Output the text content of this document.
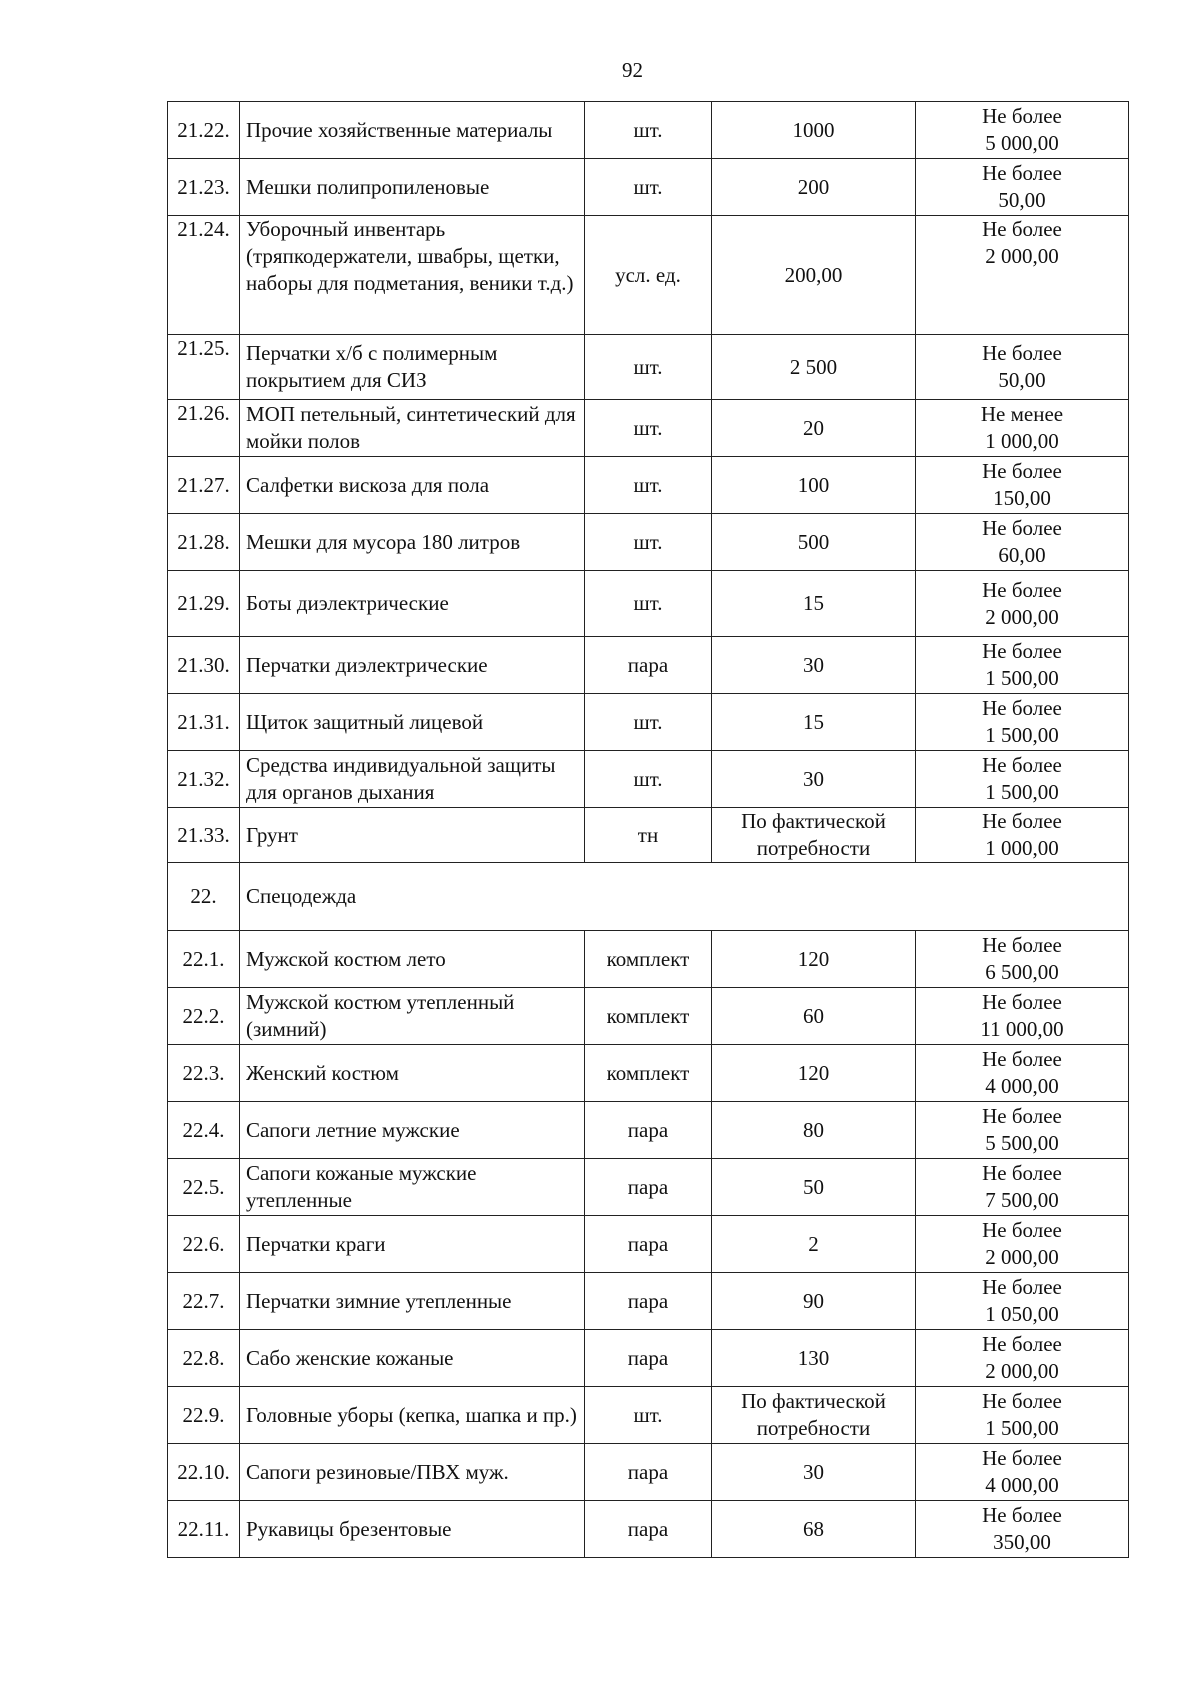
92
21.22.	Прочие хозяйственные материалы	шт.	1000	Не более
5 000,00
21.23.	Мешки полипропиленовые	шт.	200	Не более
50,00
21.24.	Уборочный инвентарь (тряпкодержатели, швабры, щетки, наборы для подметания, веники т.д.)	усл. ед.	200,00	Не более
2 000,00
21.25.	Перчатки х/б с полимерным покрытием для СИЗ	шт.	2 500	Не более
50,00
21.26.	МОП петельный, синтетический для мойки полов	шт.	20	Не менее
1 000,00
21.27.	Салфетки вискоза для пола	шт.	100	Не более
150,00
21.28.	Мешки для мусора 180 литров	шт.	500	Не более
60,00
21.29.	Боты диэлектрические	шт.	15	Не более
2 000,00
21.30.	Перчатки диэлектрические	пара	30	Не более
1 500,00
21.31.	Щиток защитный лицевой	шт.	15	Не более
1 500,00
21.32.	Средства индивидуальной защиты для органов дыхания	шт.	30	Не более
1 500,00
21.33.	Грунт	тн	По фактической потребности	Не более
1 000,00
22.	Спецодежда			
22.1.	Мужской костюм лето	комплект	120	Не более
6 500,00
22.2.	Мужской костюм утепленный (зимний)	комплект	60	Не более
11 000,00
22.3.	Женский костюм	комплект	120	Не более
4 000,00
22.4.	Сапоги летние мужские	пара	80	Не более
5 500,00
22.5.	Сапоги кожаные мужские утепленные	пара	50	Не более
7 500,00
22.6.	Перчатки краги	пара	2	Не более
2 000,00
22.7.	Перчатки зимние утепленные	пара	90	Не более
1 050,00
22.8.	Сабо женские кожаные	пара	130	Не более
2 000,00
22.9.	Головные уборы (кепка, шапка и пр.)	шт.	По фактической потребности	Не более
1 500,00
22.10.	Сапоги резиновые/ПВХ муж.	пара	30	Не более
4 000,00
22.11.	Рукавицы брезентовые	пара	68	Не более
350,00
